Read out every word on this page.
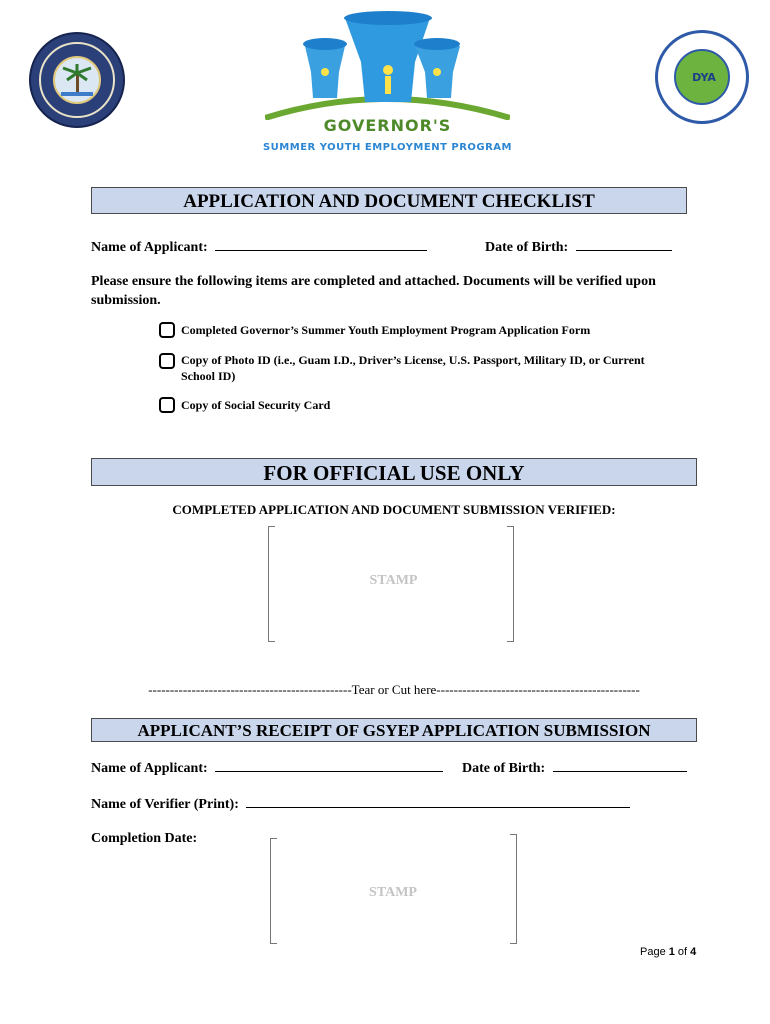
GOVERNOR'S
SUMMER YOUTH EMPLOYMENT PROGRAM
DYA
APPLICATION AND DOCUMENT CHECKLIST
Name of Applicant:	Date of Birth:
Please ensure the following items are completed and attached. Documents will be verified upon submission.
Completed Governor’s Summer Youth Employment Program Application Form
Copy of Photo ID (i.e., Guam I.D., Driver’s License, U.S. Passport, Military ID, or Current School ID)
Copy of Social Security Card
FOR OFFICIAL USE ONLY
COMPLETED APPLICATION AND DOCUMENT SUBMISSION VERIFIED:
STAMP
-----------------------------------------------Tear or Cut here-----------------------------------------------
APPLICANT’S RECEIPT OF GSYEP APPLICATION SUBMISSION
Name of Applicant:	Date of Birth:
Name of Verifier (Print):
Completion Date:
STAMP
Page 1 of 4
